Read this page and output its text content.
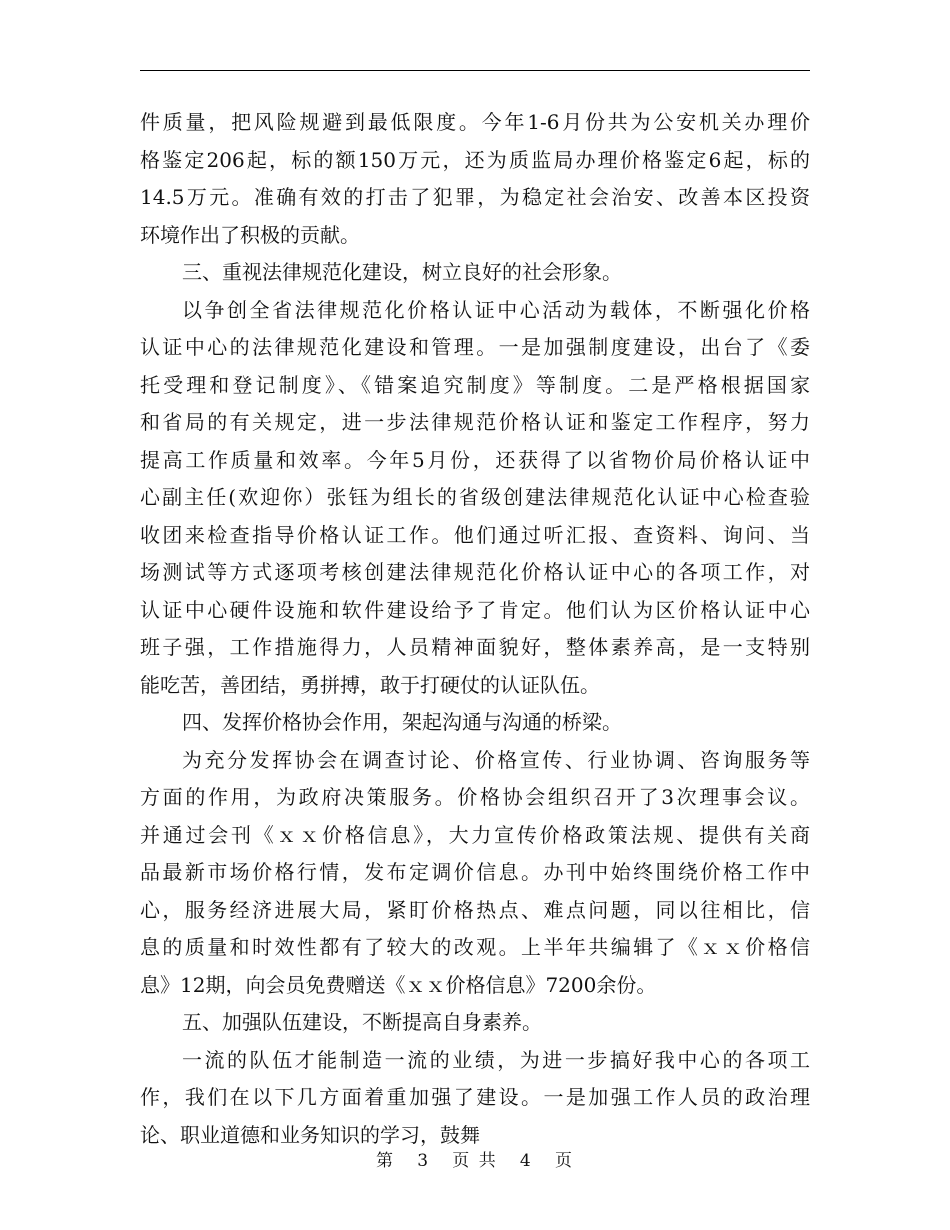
件质量，把风险规避到最低限度。今年1-6月份共为公安机关办理价
格鉴定206起，标的额150万元，还为质监局办理价格鉴定6起，标的
14.5万元。准确有效的打击了犯罪，为稳定社会治安、改善本区投资
环境作出了积极的贡献。
三、重视法律规范化建设，树立良好的社会形象。
以争创全省法律规范化价格认证中心活动为载体，不断强化价格
认证中心的法律规范化建设和管理。一是加强制度建设，出台了《委
托受理和登记制度》、《错案追究制度》等制度。二是严格根据国家
和省局的有关规定，进一步法律规范价格认证和鉴定工作程序，努力
提高工作质量和效率。今年5月份，还获得了以省物价局价格认证中
心副主任(欢迎你）张钰为组长的省级创建法律规范化认证中心检查验
收团来检查指导价格认证工作。他们通过听汇报、查资料、询问、当
场测试等方式逐项考核创建法律规范化价格认证中心的各项工作，对
认证中心硬件设施和软件建设给予了肯定。他们认为区价格认证中心
班子强，工作措施得力，人员精神面貌好，整体素养高，是一支特别
能吃苦，善团结，勇拼搏，敢于打硬仗的认证队伍。
四、发挥价格协会作用，架起沟通与沟通的桥梁。
为充分发挥协会在调查讨论、价格宣传、行业协调、咨询服务等
方面的作用，为政府决策服务。价格协会组织召开了3次理事会议。
并通过会刊《ｘｘ价格信息》，大力宣传价格政策法规、提供有关商
品最新市场价格行情，发布定调价信息。办刊中始终围绕价格工作中
心，服务经济进展大局，紧盯价格热点、难点问题，同以往相比，信
息的质量和时效性都有了较大的改观。上半年共编辑了《ｘｘ价格信
息》12期，向会员免费赠送《ｘｘ价格信息》7200余份。
五、加强队伍建设，不断提高自身素养。
一流的队伍才能制造一流的业绩，为进一步搞好我中心的各项工
作，我们在以下几方面着重加强了建设。一是加强工作人员的政治理
论、职业道德和业务知识的学习，鼓舞
第 3 页 共 4 页
